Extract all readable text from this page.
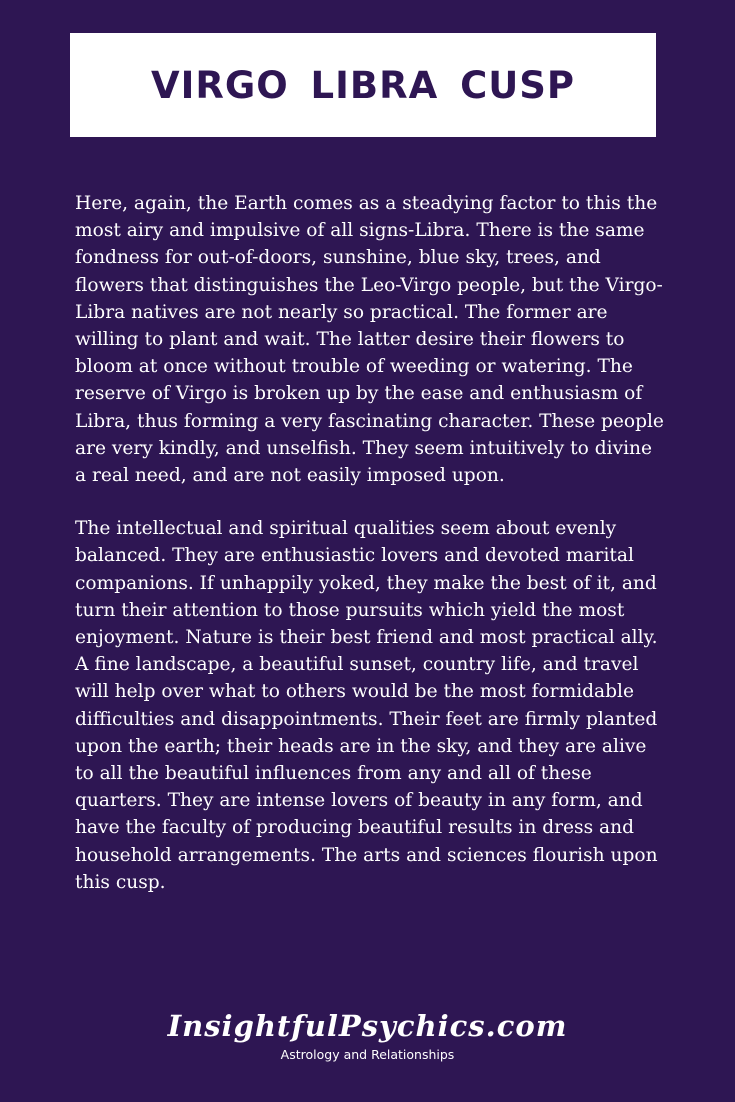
VIRGO LIBRA CUSP

Here, again, the Earth comes as a steadying factor to this the most airy and impulsive of all signs-Libra. There is the same fondness for out-of-doors, sunshine, blue sky, trees, and flowers that distinguishes the Leo-Virgo people, but the Virgo-Libra natives are not nearly so practical. The former are willing to plant and wait. The latter desire their flowers to bloom at once without trouble of weeding or watering. The reserve of Virgo is broken up by the ease and enthusiasm of Libra, thus forming a very fascinating character. These people are very kindly, and unselfish. They seem intuitively to divine a real need, and are not easily imposed upon.

The intellectual and spiritual qualities seem about evenly balanced. They are enthusiastic lovers and devoted marital companions. If unhappily yoked, they make the best of it, and turn their attention to those pursuits which yield the most enjoyment. Nature is their best friend and most practical ally. A fine landscape, a beautiful sunset, country life, and travel will help over what to others would be the most formidable difficulties and disappointments. Their feet are firmly planted upon the earth; their heads are in the sky, and they are alive to all the beautiful influences from any and all of these quarters. They are intense lovers of beauty in any form, and have the faculty of producing beautiful results in dress and household arrangements. The arts and sciences flourish upon this cusp.

InsightfulPsychics.com
Astrology and Relationships
